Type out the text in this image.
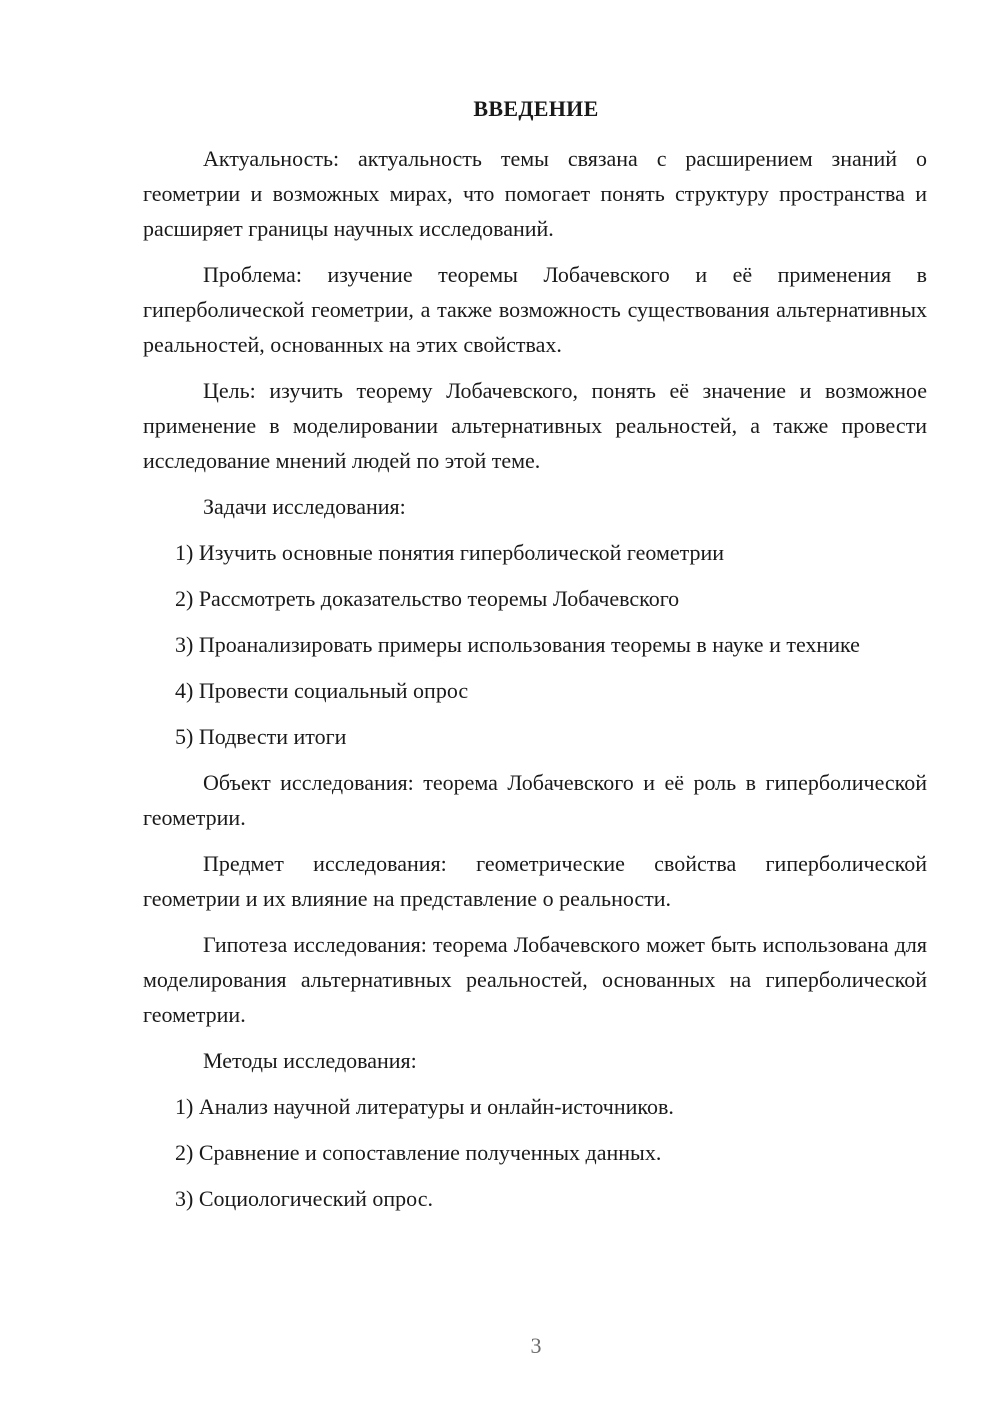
ВВЕДЕНИЕ

Актуальность: актуальность темы связана с расширением знаний о геометрии и возможных мирах, что помогает понять структуру пространства и расширяет границы научных исследований.

Проблема: изучение теоремы Лобачевского и её применения в гиперболической геометрии, а также возможность существования альтернативных реальностей, основанных на этих свойствах.

Цель: изучить теорему Лобачевского, понять её значение и возможное применение в моделировании альтернативных реальностей, а также провести исследование мнений людей по этой теме.

Задачи исследования:

1) Изучить основные понятия гиперболической геометрии

2) Рассмотреть доказательство теоремы Лобачевского

3) Проанализировать примеры использования теоремы в науке и технике

4) Провести социальный опрос

5) Подвести итоги

Объект исследования: теорема Лобачевского и её роль в гиперболической геометрии.

Предмет исследования: геометрические свойства гиперболической геометрии и их влияние на представление о реальности.

Гипотеза исследования: теорема Лобачевского может быть использована для моделирования альтернативных реальностей, основанных на гиперболической геометрии.

Методы исследования:

1) Анализ научной литературы и онлайн-источников.

2) Сравнение и сопоставление полученных данных.

3) Социологический опрос.

3
